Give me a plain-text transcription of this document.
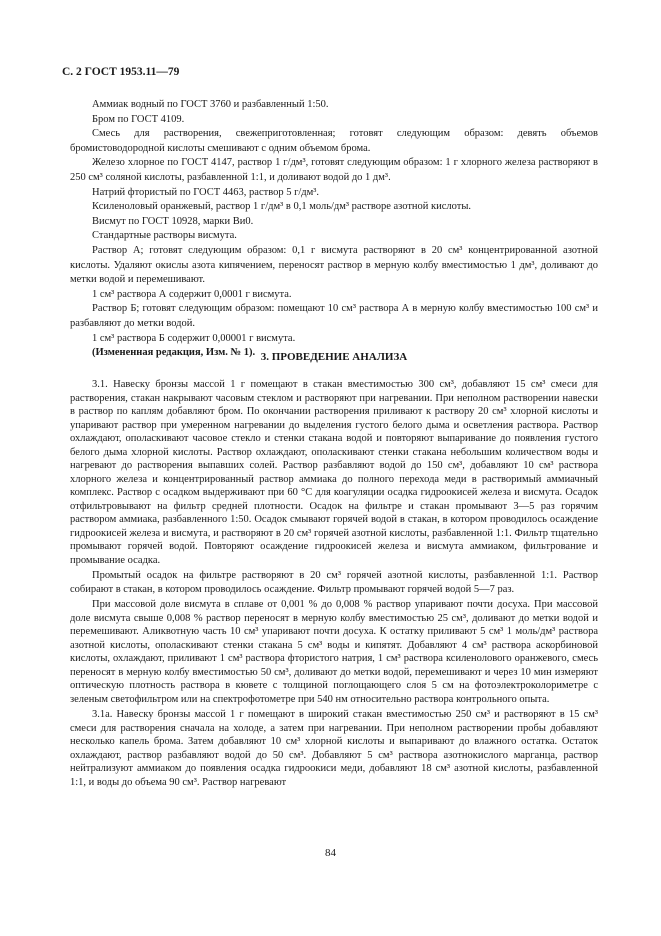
С. 2 ГОСТ 1953.11—79

Аммиак водный по ГОСТ 3760 и разбавленный 1:50.

Бром по ГОСТ 4109.

Смесь для растворения, свежеприготовленная; готовят следующим образом: девять объемов бромистоводородной кислоты смешивают с одним объемом брома.

Железо хлорное по ГОСТ 4147, раствор 1 г/дм³, готовят следующим образом: 1 г хлорного железа растворяют в 250 см³ соляной кислоты, разбавленной 1:1, и доливают водой до 1 дм³.

Натрий фтористый по ГОСТ 4463, раствор 5 г/дм³.

Ксиленоловый оранжевый, раствор 1 г/дм³ в 0,1 моль/дм³ растворе азотной кислоты.

Висмут по ГОСТ 10928, марки Ви0.

Стандартные растворы висмута.

Раствор А; готовят следующим образом: 0,1 г висмута растворяют в 20 см³ концентрированной азотной кислоты. Удаляют окислы азота кипячением, переносят раствор в мерную колбу вместимостью 1 дм³, доливают до метки водой и перемешивают.

1 см³ раствора А содержит 0,0001 г висмута.

Раствор Б; готовят следующим образом: помещают 10 см³ раствора А в мерную колбу вместимостью 100 см³ и разбавляют до метки водой.

1 см³ раствора Б содержит 0,00001 г висмута.

(Измененная редакция, Изм. № 1). 3. ПРОВЕДЕНИЕ АНАЛИЗА

3.1. Навеску бронзы массой 1 г помещают в стакан вместимостью 300 см³, добавляют 15 см³ смеси для растворения, стакан накрывают часовым стеклом и растворяют при нагревании. При неполном растворении навески в раствор по каплям добавляют бром. По окончании растворения приливают к раствору 20 см³ хлорной кислоты и упаривают раствор при умеренном нагревании до выделения густого белого дыма и осветления раствора. Раствор охлаждают, ополаскивают часовое стекло и стенки стакана водой и повторяют выпаривание до появления густого белого дыма хлорной кислоты. Раствор охлаждают, ополаскивают стенки стакана небольшим количеством воды и нагревают до растворения выпавших солей. Раствор разбавляют водой до 150 см³, добавляют 10 см³ раствора хлорного железа и концентрированный раствор аммиака до полного перехода меди в растворимый аммиачный комплекс. Раствор с осадком выдерживают при 60 °С для коагуляции осадка гидроокисей железа и висмута. Осадок отфильтровывают на фильтр средней плотности. Осадок на фильтре и стакан промывают 3—5 раз горячим раствором аммиака, разбавленного 1:50. Осадок смывают горячей водой в стакан, в котором проводилось осаждение гидроокисей железа и висмута, и растворяют в 20 см³ горячей азотной кислоты, разбавленной 1:1. Фильтр тщательно промывают горячей водой. Повторяют осаждение гидроокисей железа и висмута аммиаком, фильтрование и промывание осадка.

Промытый осадок на фильтре растворяют в 20 см³ горячей азотной кислоты, разбавленной 1:1. Раствор собирают в стакан, в котором проводилось осаждение. Фильтр промывают горячей водой 5—7 раз.

При массовой доле висмута в сплаве от 0,001 % до 0,008 % раствор упаривают почти досуха. При массовой доле висмута свыше 0,008 % раствор переносят в мерную колбу вместимостью 25 см³, доливают до метки водой и перемешивают. Аликвотную часть 10 см³ упаривают почти досуха. К остатку приливают 5 см³ 1 моль/дм³ раствора азотной кислоты, ополаскивают стенки стакана 5 см³ воды и кипятят. Добавляют 4 см³ раствора аскорбиновой кислоты, охлаждают, приливают 1 см³ раствора фтористого натрия, 1 см³ раствора ксиленолового оранжевого, смесь переносят в мерную колбу вместимостью 50 см³, доливают до метки водой, перемешивают и через 10 мин измеряют оптическую плотность раствора в кювете с толщиной поглощающего слоя 5 см на фотоэлектроколориметре с зеленым светофильтром или на спектрофотометре при 540 нм относительно раствора контрольного опыта.

3.1а. Навеску бронзы массой 1 г помещают в широкий стакан вместимостью 250 см³ и растворяют в 15 см³ смеси для растворения сначала на холоде, а затем при нагревании. При неполном растворении пробы добавляют несколько капель брома. Затем добавляют 10 см³ хлорной кислоты и выпаривают до влажного остатка. Остаток охлаждают, раствор разбавляют водой до 50 см³. Добавляют 5 см³ раствора азотнокислого марганца, раствор нейтрализуют аммиаком до появления осадка гидроокиси меди, добавляют 18 см³ азотной кислоты, разбавленной 1:1, и воды до объема 90 см³. Раствор нагревают

84
